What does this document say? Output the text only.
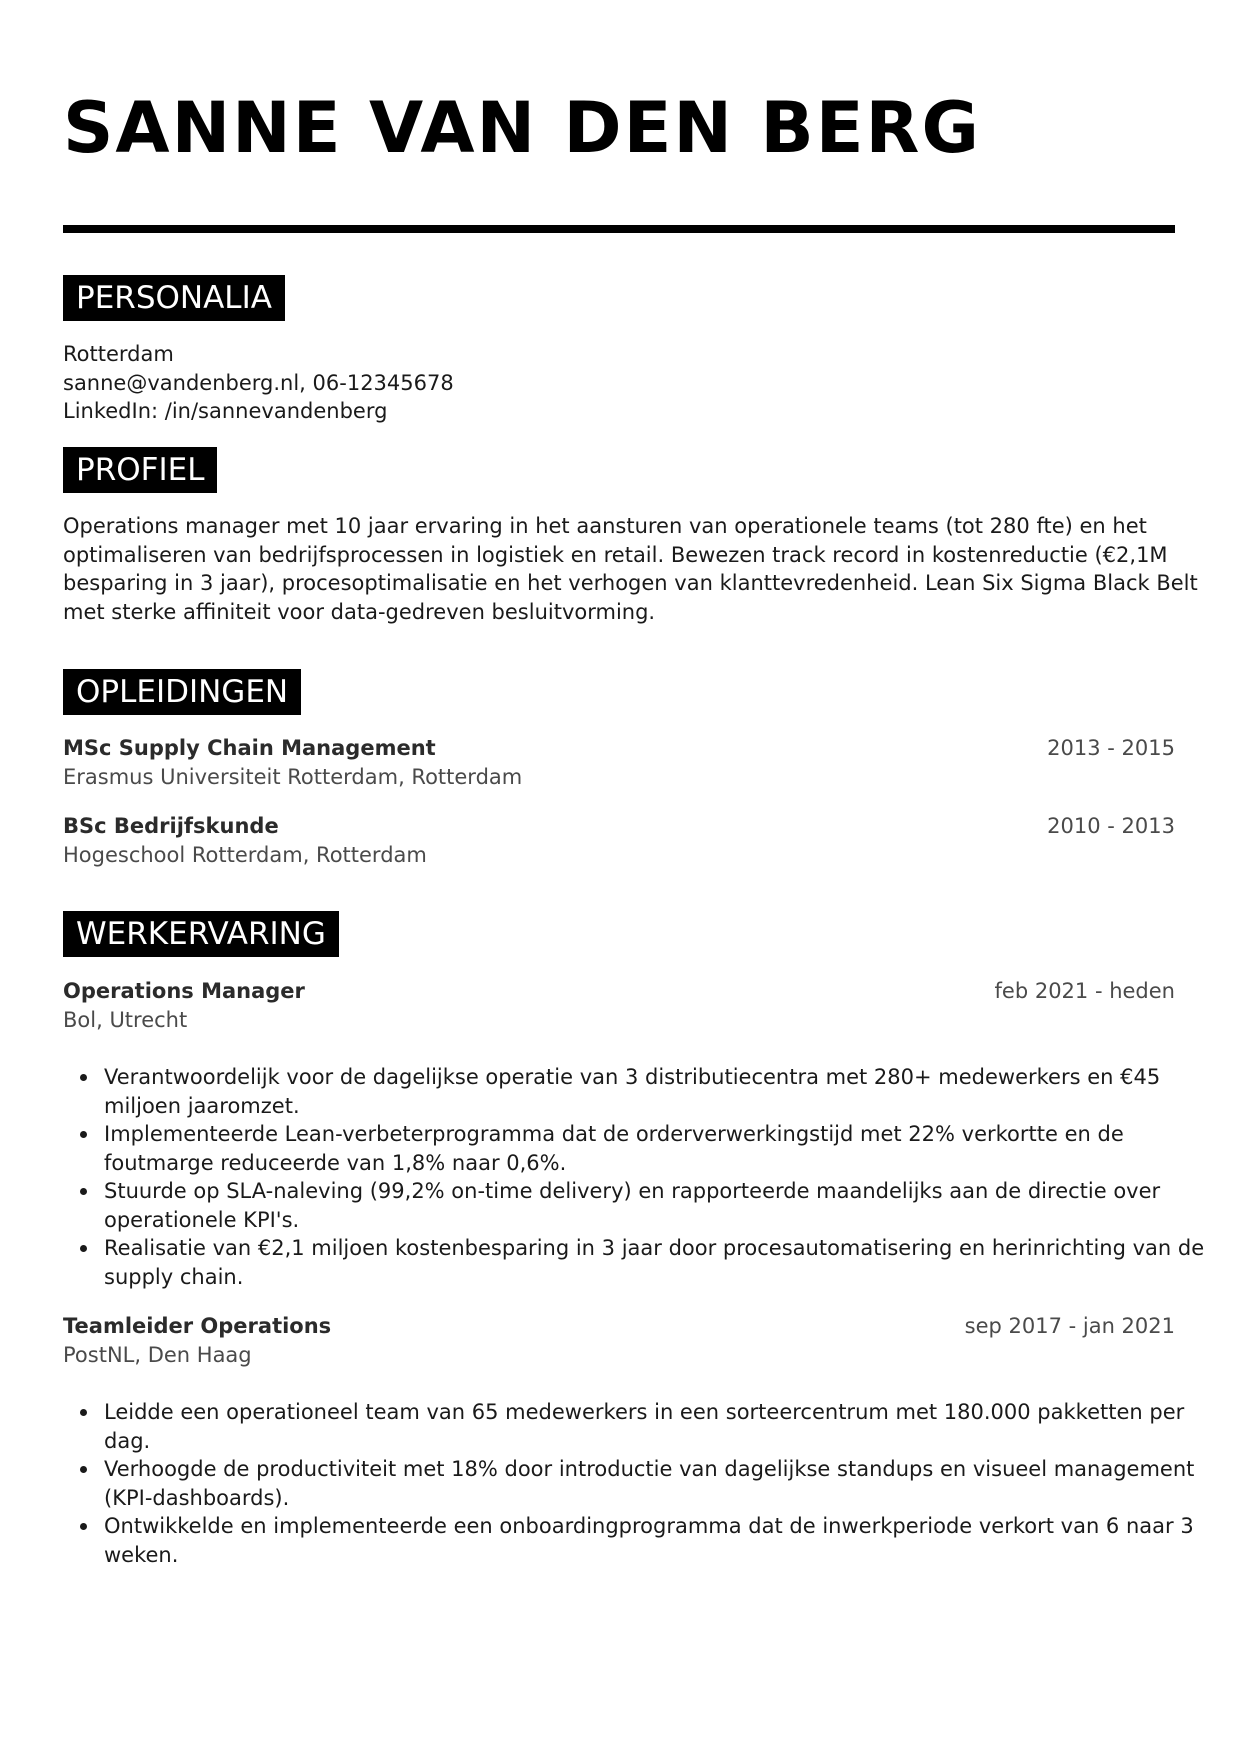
SANNE VAN DEN BERG
PERSONALIA
Rotterdam
sanne@vandenberg.nl, 06-12345678
LinkedIn: /in/sannevandenberg
PROFIEL
Operations manager met 10 jaar ervaring in het aansturen van operationele teams (tot 280 fte) en het
optimaliseren van bedrijfsprocessen in logistiek en retail. Bewezen track record in kostenreductie (€2,1M
besparing in 3 jaar), procesoptimalisatie en het verhogen van klanttevredenheid. Lean Six Sigma Black Belt
met sterke affiniteit voor data-gedreven besluitvorming.
OPLEIDINGEN
MSc Supply Chain Management	2013 - 2015
Erasmus Universiteit Rotterdam, Rotterdam
BSc Bedrijfskunde	2010 - 2013
Hogeschool Rotterdam, Rotterdam
WERKERVARING
Operations Manager	feb 2021 - heden
Bol, Utrecht
Verantwoordelijk voor de dagelijkse operatie van 3 distributiecentra met 280+ medewerkers en €45
miljoen jaaromzet.
Implementeerde Lean-verbeterprogramma dat de orderverwerkingstijd met 22% verkortte en de
foutmarge reduceerde van 1,8% naar 0,6%.
Stuurde op SLA-naleving (99,2% on-time delivery) en rapporteerde maandelijks aan de directie over
operationele KPI's.
Realisatie van €2,1 miljoen kostenbesparing in 3 jaar door procesautomatisering en herinrichting van de
supply chain.
Teamleider Operations	sep 2017 - jan 2021
PostNL, Den Haag
Leidde een operationeel team van 65 medewerkers in een sorteercentrum met 180.000 pakketten per
dag.
Verhoogde de productiviteit met 18% door introductie van dagelijkse standups en visueel management
(KPI-dashboards).
Ontwikkelde en implementeerde een onboardingprogramma dat de inwerkperiode verkort van 6 naar 3
weken.
